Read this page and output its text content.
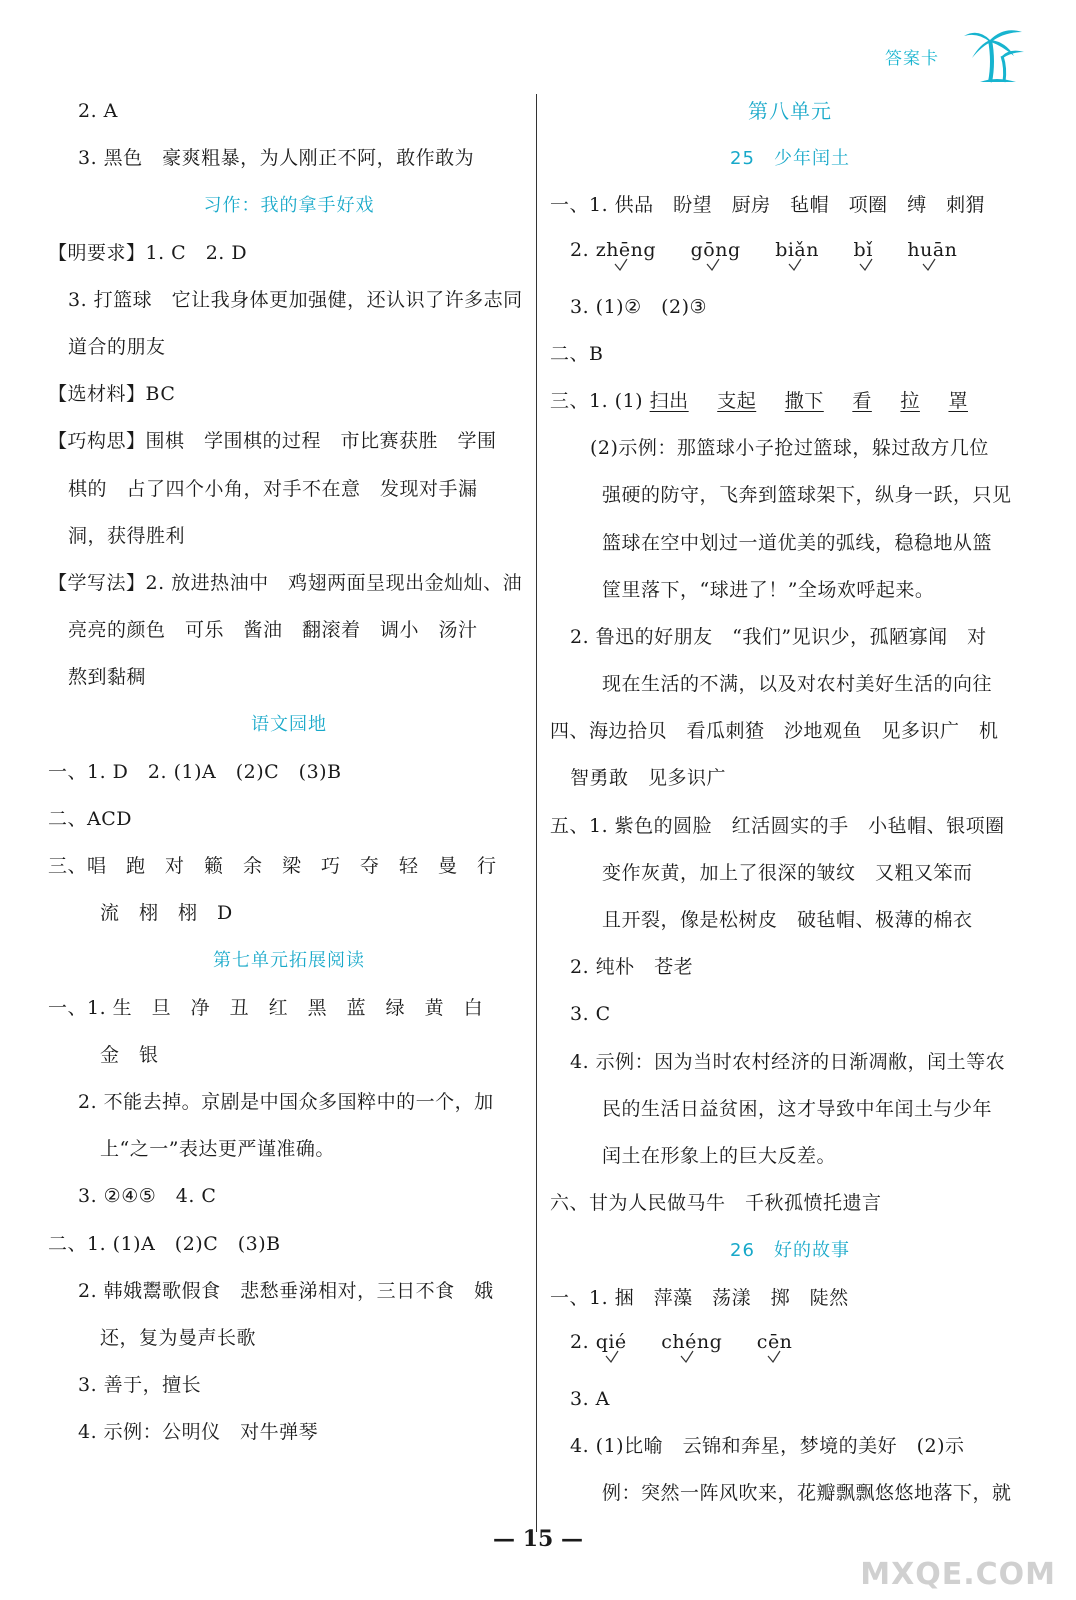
答案卡
2. A
3. 黑色　豪爽粗暴，为人刚正不阿，敢作敢为
习作：我的拿手好戏
【明要求】1. C　2. D
3. 打篮球　它让我身体更加强健，还认识了许多志同
道合的朋友
【选材料】BC
【巧构思】围棋　学围棋的过程　市比赛获胜　学围
棋的　占了四个小角，对手不在意　发现对手漏
洞，获得胜利
【学写法】2. 放进热油中　鸡翅两面呈现出金灿灿、油
亮亮的颜色　可乐　酱油　翻滚着　调小　汤汁
熬到黏稠
语文园地
一、1. D　2. (1)A　(2)C　(3)B
二、ACD
三、唱　跑　对　籁　余　梁　巧　夺　轻　曼　行
流　栩　栩　D
第七单元拓展阅读
一、1. 生　旦　净　丑　红　黑　蓝　绿　黄　白
金　银
2. 不能去掉。京剧是中国众多国粹中的一个，加
上“之一”表达更严谨准确。
3. ②④⑤　4. C
二、1. (1)A　(2)C　(3)B
2. 韩娥鬻歌假食　悲愁垂涕相对，三日不食　娥
还，复为曼声长歌
3. 善于，擅长
4. 示例：公明仪　对牛弹琴
第八单元
25　少年闰土
一、1. 供品　盼望　厨房　毡帽　项圈　缚　刺猬
2. zhēng gōng biǎn bǐ huān
3. (1)②　(2)③
二、B
三、1. (1) 扫出 支起 撒下 看 拉 罩
(2)示例：那篮球小子抢过篮球，躲过敌方几位
强硬的防守，飞奔到篮球架下，纵身一跃，只见
篮球在空中划过一道优美的弧线，稳稳地从篮
筐里落下，“球进了！”全场欢呼起来。
2. 鲁迅的好朋友　“我们”见识少，孤陋寡闻　对
现在生活的不满，以及对农村美好生活的向往
四、海边拾贝　看瓜刺猹　沙地观鱼　见多识广　机
智勇敢　见多识广
五、1. 紫色的圆脸　红活圆实的手　小毡帽、银项圈
变作灰黄，加上了很深的皱纹　又粗又笨而
且开裂，像是松树皮　破毡帽、极薄的棉衣
2. 纯朴　苍老
3. C
4. 示例：因为当时农村经济的日渐凋敝，闰土等农
民的生活日益贫困，这才导致中年闰土与少年
闰土在形象上的巨大反差。
六、甘为人民做马牛　千秋孤愤托遗言
26　好的故事
一、1. 捆　萍藻　荡漾　掷　陡然
2. qié chéng cēn
3. A
4. (1)比喻　云锦和奔星，梦境的美好　(2)示
例：突然一阵风吹来，花瓣飘飘悠悠地落下，就
— 15 —
MXQE.COM
